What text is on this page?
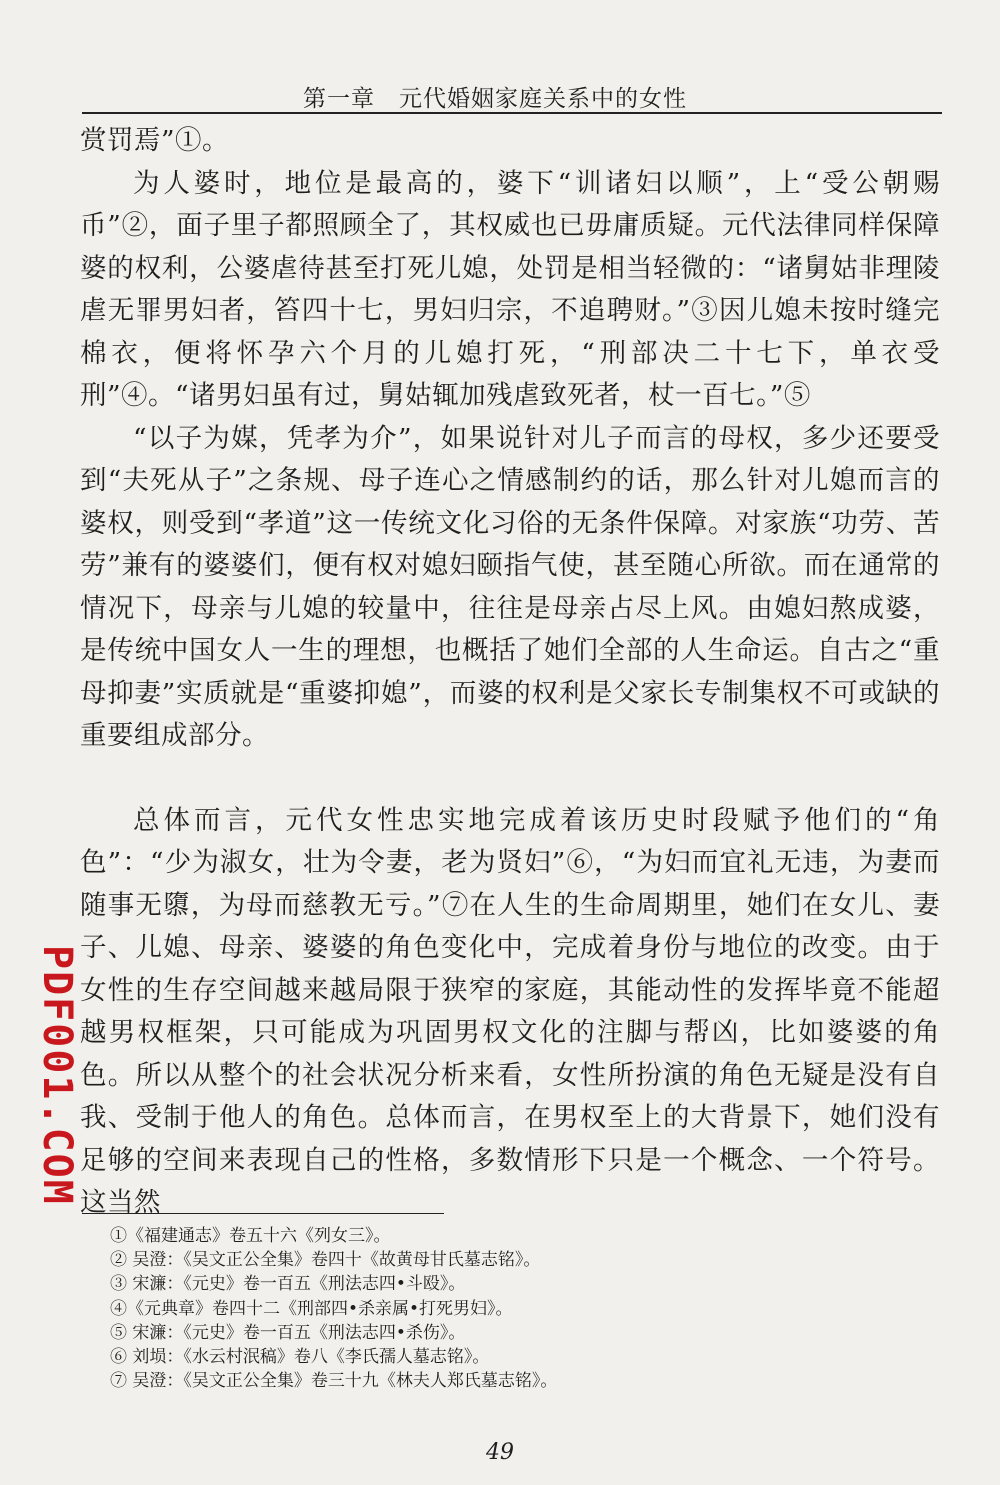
第一章　元代婚姻家庭关系中的女性

赏罚焉”①。

为人婆时，地位是最高的，婆下“训诸妇以顺”，上“受公朝赐币”②，面子里子都照顾全了，其权威也已毋庸质疑。元代法律同样保障婆的权利，公婆虐待甚至打死儿媳，处罚是相当轻微的：“诸舅姑非理陵虐无罪男妇者，笞四十七，男妇归宗，不追聘财。”③因儿媳未按时缝完棉衣，便将怀孕六个月的儿媳打死，“刑部决二十七下，单衣受刑”④。“诸男妇虽有过，舅姑辄加残虐致死者，杖一百七。”⑤

“以子为媒，凭孝为介”，如果说针对儿子而言的母权，多少还要受到“夫死从子”之条规、母子连心之情感制约的话，那么针对儿媳而言的婆权，则受到“孝道”这一传统文化习俗的无条件保障。对家族“功劳、苦劳”兼有的婆婆们，便有权对媳妇颐指气使，甚至随心所欲。而在通常的情况下，母亲与儿媳的较量中，往往是母亲占尽上风。由媳妇熬成婆，是传统中国女人一生的理想，也概括了她们全部的人生命运。自古之“重母抑妻”实质就是“重婆抑媳”，而婆的权利是父家长专制集权不可或缺的重要组成部分。

总体而言，元代女性忠实地完成着该历史时段赋予他们的“角色”：“少为淑女，壮为令妻，老为贤妇”⑥，“为妇而宜礼无违，为妻而随事无隳，为母而慈教无亏。”⑦在人生的生命周期里，她们在女儿、妻子、儿媳、母亲、婆婆的角色变化中，完成着身份与地位的改变。由于女性的生存空间越来越局限于狭窄的家庭，其能动性的发挥毕竟不能超越男权框架，只可能成为巩固男权文化的注脚与帮凶，比如婆婆的角色。所以从整个的社会状况分析来看，女性所扮演的角色无疑是没有自我、受制于他人的角色。总体而言，在男权至上的大背景下，她们没有足够的空间来表现自己的性格，多数情形下只是一个概念、一个符号。这当然

PDF001.COM
①《福建通志》卷五十六《列女三》。
② 吴澄：《吴文正公全集》卷四十《故黄母甘氏墓志铭》。
③ 宋濂：《元史》卷一百五《刑法志四•斗殴》。
④《元典章》卷四十二《刑部四•杀亲属•打死男妇》。
⑤ 宋濂：《元史》卷一百五《刑法志四•杀伤》。
⑥ 刘埙：《水云村泯稿》卷八《李氏孺人墓志铭》。
⑦ 吴澄：《吴文正公全集》卷三十九《林夫人郑氏墓志铭》。
49
